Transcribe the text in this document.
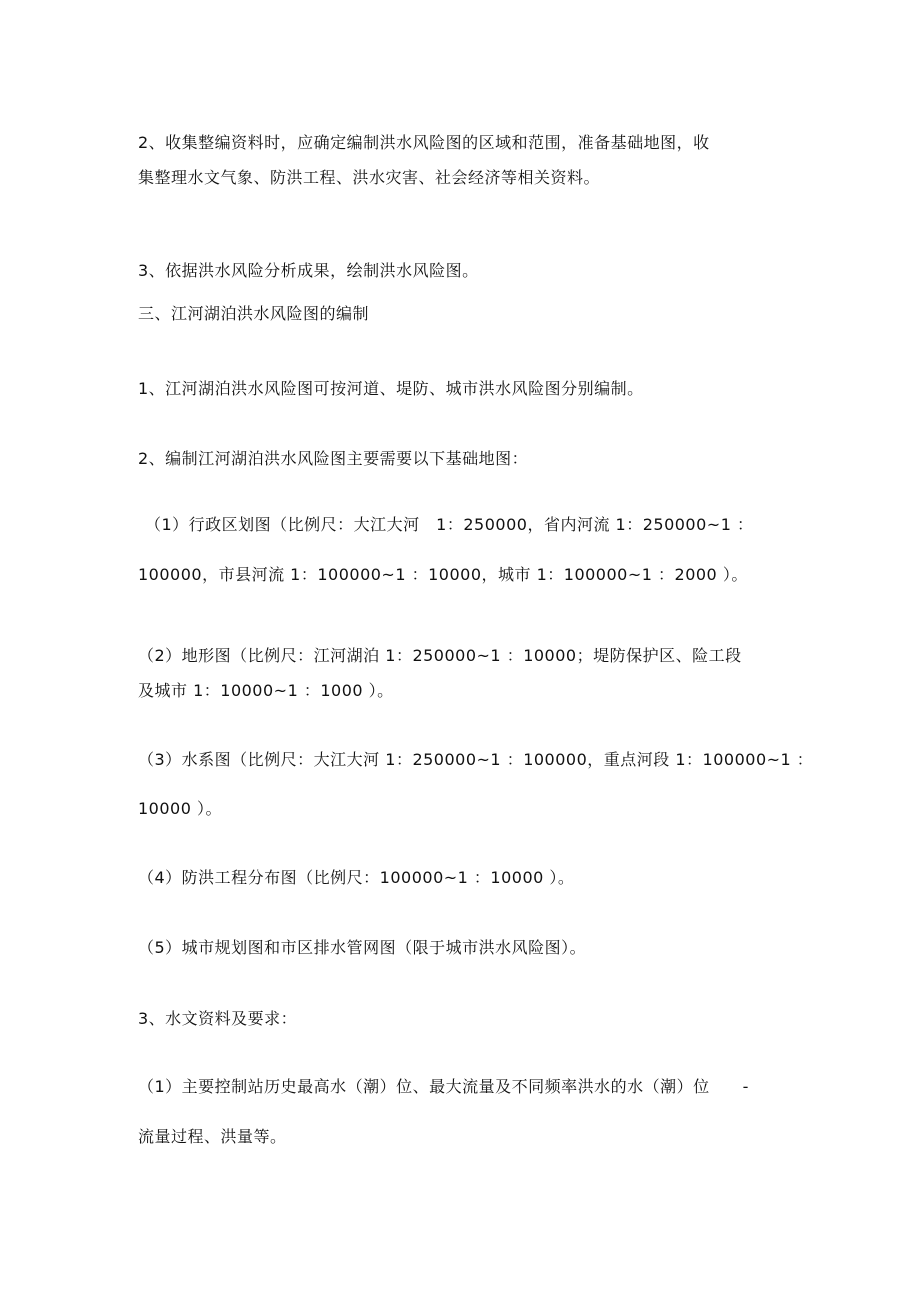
2、收集整编资料时，应确定编制洪水风险图的区域和范围，准备基础地图，收
集整理水文气象、防洪工程、洪水灾害、社会经济等相关资料。
3、依据洪水风险分析成果，绘制洪水风险图。
三、江河湖泊洪水风险图的编制
1、江河湖泊洪水风险图可按河道、堤防、城市洪水风险图分别编制。
2、编制江河湖泊洪水风险图主要需要以下基础地图：
（1）行政区划图（比例尺：大江大河　1：250000，省内河流 1：250000~1 ：
100000，市县河流 1：100000~1 ：10000，城市 1：100000~1 ：2000 ）。
（2）地形图（比例尺：江河湖泊 1：250000~1 ：10000；堤防保护区、险工段
及城市 1：10000~1 ：1000 ）。
（3）水系图（比例尺：大江大河 1：250000~1 ：100000，重点河段 1：100000~1 ：
10000 ）。
（4）防洪工程分布图（比例尺：100000~1 ：10000 ）。
（5）城市规划图和市区排水管网图（限于城市洪水风险图）。
3、水文资料及要求：
（1）主要控制站历史最高水（潮）位、最大流量及不同频率洪水的水（潮）位　　-
流量过程、洪量等。
